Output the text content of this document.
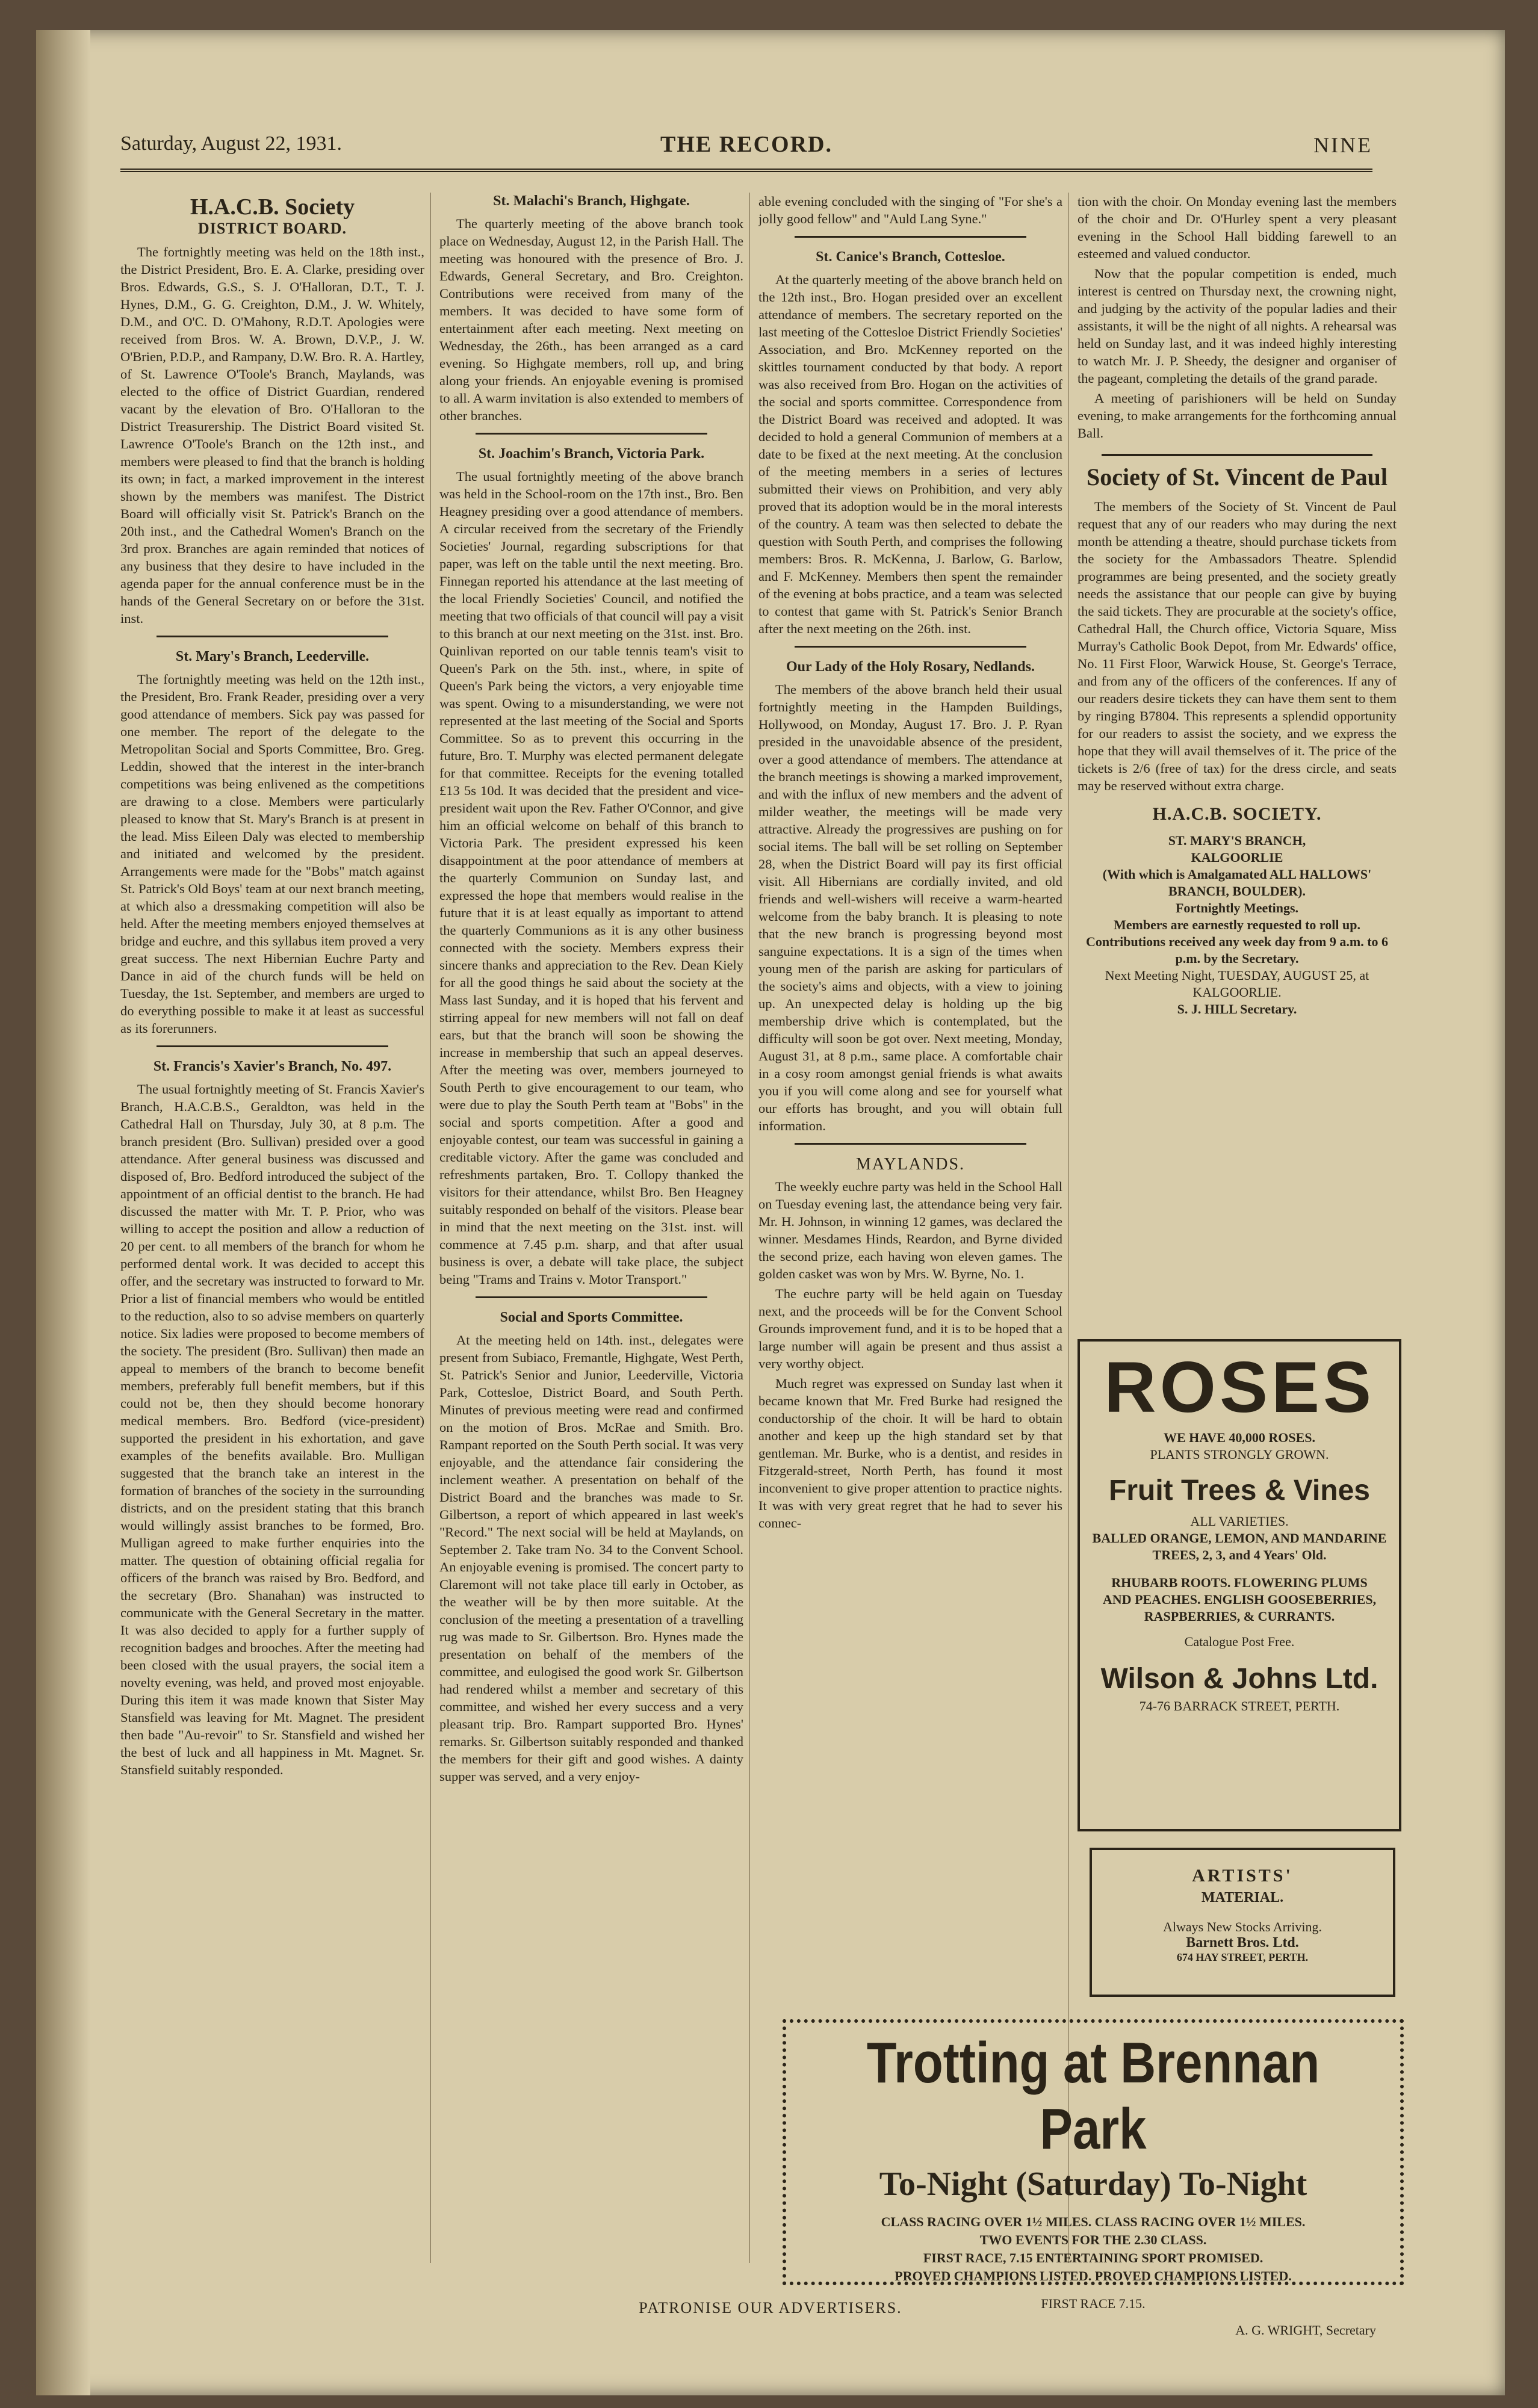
Saturday, August 22, 1931.	THE RECORD.	NINE
H.A.C.B. Society
DISTRICT BOARD.

The fortnightly meeting was held on the 18th inst., the District President, Bro. E. A. Clarke, presiding over Bros. Edwards, G.S., S. J. O'Halloran, D.T., T. J. Hynes, D.M., G. G. Creighton, D.M., J. W. Whitely, D.M., and O'C. D. O'Mahony, R.D.T. Apologies were received from Bros. W. A. Brown, D.V.P., J. W. O'Brien, P.D.P., and Rampany, D.W. Bro. R. A. Hartley, of St. Lawrence O'Toole's Branch, Maylands, was elected to the office of District Guardian, rendered vacant by the elevation of Bro. O'Halloran to the District Treasurership. The District Board visited St. Lawrence O'Toole's Branch on the 12th inst., and members were pleased to find that the branch is holding its own; in fact, a marked improvement in the interest shown by the members was manifest. The District Board will officially visit St. Patrick's Branch on the 20th inst., and the Cathedral Women's Branch on the 3rd prox. Branches are again reminded that notices of any business that they desire to have included in the agenda paper for the annual conference must be in the hands of the General Secretary on or before the 31st. inst.

St. Mary's Branch, Leederville.

The fortnightly meeting was held on the 12th inst., the President, Bro. Frank Reader, presiding over a very good attendance of members. Sick pay was passed for one member. The report of the delegate to the Metropolitan Social and Sports Committee, Bro. Greg. Leddin, showed that the interest in the inter-branch competitions was being enlivened as the competitions are drawing to a close. Members were particularly pleased to know that St. Mary's Branch is at present in the lead. Miss Eileen Daly was elected to membership and initiated and welcomed by the president. Arrangements were made for the "Bobs" match against St. Patrick's Old Boys' team at our next branch meeting, at which also a dressmaking competition will also be held. After the meeting members enjoyed themselves at bridge and euchre, and this syllabus item proved a very great success. The next Hibernian Euchre Party and Dance in aid of the church funds will be held on Tuesday, the 1st. September, and members are urged to do everything possible to make it at least as successful as its forerunners.

St. Francis's Xavier's Branch, No. 497.

The usual fortnightly meeting of St. Francis Xavier's Branch, H.A.C.B.S., Geraldton, was held in the Cathedral Hall on Thursday, July 30, at 8 p.m. The branch president (Bro. Sullivan) presided over a good attendance. After general business was discussed and disposed of, Bro. Bedford introduced the subject of the appointment of an official dentist to the branch. He had discussed the matter with Mr. T. P. Prior, who was willing to accept the position and allow a reduction of 20 per cent. to all members of the branch for whom he performed dental work. It was decided to accept this offer, and the secretary was instructed to forward to Mr. Prior a list of financial members who would be entitled to the reduction, also to so advise members on quarterly notice. Six ladies were proposed to become members of the society. The president (Bro. Sullivan) then made an appeal to members of the branch to become benefit members, preferably full benefit members, but if this could not be, then they should become honorary medical members. Bro. Bedford (vice-president) supported the president in his exhortation, and gave examples of the benefits available. Bro. Mulligan suggested that the branch take an interest in the formation of branches of the society in the surrounding districts, and on the president stating that this branch would willingly assist branches to be formed, Bro. Mulligan agreed to make further enquiries into the matter. The question of obtaining official regalia for officers of the branch was raised by Bro. Bedford, and the secretary (Bro. Shanahan) was instructed to communicate with the General Secretary in the matter. It was also decided to apply for a further supply of recognition badges and brooches. After the meeting had been closed with the usual prayers, the social item a novelty evening, was held, and proved most enjoyable. During this item it was made known that Sister May Stansfield was leaving for Mt. Magnet. The president then bade "Au-revoir" to Sr. Stansfield and wished her the best of luck and all happiness in Mt. Magnet. Sr. Stansfield suitably responded.

St. Malachi's Branch, Highgate.

The quarterly meeting of the above branch took place on Wednesday, August 12, in the Parish Hall. The meeting was honoured with the presence of Bro. J. Edwards, General Secretary, and Bro. Creighton. Contributions were received from many of the members. It was decided to have some form of entertainment after each meeting. Next meeting on Wednesday, the 26th., has been arranged as a card evening. So Highgate members, roll up, and bring along your friends. An enjoyable evening is promised to all. A warm invitation is also extended to members of other branches.

St. Joachim's Branch, Victoria Park.

The usual fortnightly meeting of the above branch was held in the School-room on the 17th inst., Bro. Ben Heagney presiding over a good attendance of members. A circular received from the secretary of the Friendly Societies' Journal, regarding subscriptions for that paper, was left on the table until the next meeting. Bro. Finnegan reported his attendance at the last meeting of the local Friendly Societies' Council, and notified the meeting that two officials of that council will pay a visit to this branch at our next meeting on the 31st. inst. Bro. Quinlivan reported on our table tennis team's visit to Queen's Park on the 5th. inst., where, in spite of Queen's Park being the victors, a very enjoyable time was spent. Owing to a misunderstanding, we were not represented at the last meeting of the Social and Sports Committee. So as to prevent this occurring in the future, Bro. T. Murphy was elected permanent delegate for that committee. Receipts for the evening totalled £13 5s 10d. It was decided that the president and vice-president wait upon the Rev. Father O'Connor, and give him an official welcome on behalf of this branch to Victoria Park. The president expressed his keen disappointment at the poor attendance of members at the quarterly Communion on Sunday last, and expressed the hope that members would realise in the future that it is at least equally as important to attend the quarterly Communions as it is any other business connected with the society. Members express their sincere thanks and appreciation to the Rev. Dean Kiely for all the good things he said about the society at the Mass last Sunday, and it is hoped that his fervent and stirring appeal for new members will not fall on deaf ears, but that the branch will soon be showing the increase in membership that such an appeal deserves. After the meeting was over, members journeyed to South Perth to give encouragement to our team, who were due to play the South Perth team at "Bobs" in the social and sports competition. After a good and enjoyable contest, our team was successful in gaining a creditable victory. After the game was concluded and refreshments partaken, Bro. T. Collopy thanked the visitors for their attendance, whilst Bro. Ben Heagney suitably responded on behalf of the visitors. Please bear in mind that the next meeting on the 31st. inst. will commence at 7.45 p.m. sharp, and that after usual business is over, a debate will take place, the subject being "Trams and Trains v. Motor Transport."

Social and Sports Committee.

At the meeting held on 14th. inst., delegates were present from Subiaco, Fremantle, Highgate, West Perth, St. Patrick's Senior and Junior, Leederville, Victoria Park, Cottesloe, District Board, and South Perth. Minutes of previous meeting were read and confirmed on the motion of Bros. McRae and Smith. Bro. Rampant reported on the South Perth social. It was very enjoyable, and the attendance fair considering the inclement weather. A presentation on behalf of the District Board and the branches was made to Sr. Gilbertson, a report of which appeared in last week's "Record." The next social will be held at Maylands, on September 2. Take tram No. 34 to the Convent School. An enjoyable evening is promised. The concert party to Claremont will not take place till early in October, as the weather will be by then more suitable. At the conclusion of the meeting a presentation of a travelling rug was made to Sr. Gilbertson. Bro. Hynes made the presentation on behalf of the members of the committee, and eulogised the good work Sr. Gilbertson had rendered whilst a member and secretary of this committee, and wished her every success and a very pleasant trip. Bro. Rampart supported Bro. Hynes' remarks. Sr. Gilbertson suitably responded and thanked the members for their gift and good wishes. A dainty supper was served, and a very enjoy-

able evening concluded with the singing of "For she's a jolly good fellow" and "Auld Lang Syne."

St. Canice's Branch, Cottesloe.

At the quarterly meeting of the above branch held on the 12th inst., Bro. Hogan presided over an excellent attendance of members. The secretary reported on the last meeting of the Cottesloe District Friendly Societies' Association, and Bro. McKenney reported on the skittles tournament conducted by that body. A report was also received from Bro. Hogan on the activities of the social and sports committee. Correspondence from the District Board was received and adopted. It was decided to hold a general Communion of members at a date to be fixed at the next meeting. At the conclusion of the meeting members in a series of lectures submitted their views on Prohibition, and very ably proved that its adoption would be in the moral interests of the country. A team was then selected to debate the question with South Perth, and comprises the following members: Bros. R. McKenna, J. Barlow, G. Barlow, and F. McKenney. Members then spent the remainder of the evening at bobs practice, and a team was selected to contest that game with St. Patrick's Senior Branch after the next meeting on the 26th. inst.

Our Lady of the Holy Rosary, Nedlands.

The members of the above branch held their usual fortnightly meeting in the Hampden Buildings, Hollywood, on Monday, August 17. Bro. J. P. Ryan presided in the unavoidable absence of the president, over a good attendance of members. The attendance at the branch meetings is showing a marked improvement, and with the influx of new members and the advent of milder weather, the meetings will be made very attractive. Already the progressives are pushing on for social items. The ball will be set rolling on September 28, when the District Board will pay its first official visit. All Hibernians are cordially invited, and old friends and well-wishers will receive a warm-hearted welcome from the baby branch. It is pleasing to note that the new branch is progressing beyond most sanguine expectations. It is a sign of the times when young men of the parish are asking for particulars of the society's aims and objects, with a view to joining up. An unexpected delay is holding up the big membership drive which is contemplated, but the difficulty will soon be got over. Next meeting, Monday, August 31, at 8 p.m., same place. A comfortable chair in a cosy room amongst genial friends is what awaits you if you will come along and see for yourself what our efforts has brought, and you will obtain full information.

MAYLANDS.

The weekly euchre party was held in the School Hall on Tuesday evening last, the attendance being very fair. Mr. H. Johnson, in winning 12 games, was declared the winner. Mesdames Hinds, Reardon, and Byrne divided the second prize, each having won eleven games. The golden casket was won by Mrs. W. Byrne, No. 1.

The euchre party will be held again on Tuesday next, and the proceeds will be for the Convent School Grounds improvement fund, and it is to be hoped that a large number will again be present and thus assist a very worthy object.

Much regret was expressed on Sunday last when it became known that Mr. Fred Burke had resigned the conductorship of the choir. It will be hard to obtain another and keep up the high standard set by that gentleman. Mr. Burke, who is a dentist, and resides in Fitzgerald-street, North Perth, has found it most inconvenient to give proper attention to practice nights. It was with very great regret that he had to sever his connec-

tion with the choir. On Monday evening last the members of the choir and Dr. O'Hurley spent a very pleasant evening in the School Hall bidding farewell to an esteemed and valued conductor.

Now that the popular competition is ended, much interest is centred on Thursday next, the crowning night, and judging by the activity of the popular ladies and their assistants, it will be the night of all nights. A rehearsal was held on Sunday last, and it was indeed highly interesting to watch Mr. J. P. Sheedy, the designer and organiser of the pageant, completing the details of the grand parade.

A meeting of parishioners will be held on Sunday evening, to make arrangements for the forthcoming annual Ball.

Society of St. Vincent de Paul

The members of the Society of St. Vincent de Paul request that any of our readers who may during the next month be attending a theatre, should purchase tickets from the society for the Ambassadors Theatre. Splendid programmes are being presented, and the society greatly needs the assistance that our people can give by buying the said tickets. They are procurable at the society's office, Cathedral Hall, the Church office, Victoria Square, Miss Murray's Catholic Book Depot, from Mr. Edwards' office, No. 11 First Floor, Warwick House, St. George's Terrace, and from any of the officers of the conferences. If any of our readers desire tickets they can have them sent to them by ringing B7804. This represents a splendid opportunity for our readers to assist the society, and we express the hope that they will avail themselves of it. The price of the tickets is 2/6 (free of tax) for the dress circle, and seats may be reserved without extra charge.

H.A.C.B. SOCIETY.
ST. MARY'S BRANCH,
KALGOORLIE
(With which is Amalgamated ALL HALLOWS' BRANCH, BOULDER).
Fortnightly Meetings.
Members are earnestly requested to roll up.
Contributions received any week day from 9 a.m. to 6 p.m. by the Secretary.
Next Meeting Night, TUESDAY, AUGUST 25, at KALGOORLIE.
S. J. HILL Secretary.
ROSES
WE HAVE 40,000 ROSES.
PLANTS STRONGLY GROWN.
Fruit Trees & Vines
ALL VARIETIES.
BALLED ORANGE, LEMON, AND MANDARINE TREES, 2, 3, and 4 Years' Old.
RHUBARB ROOTS. FLOWERING PLUMS AND PEACHES. ENGLISH GOOSEBERRIES, RASPBERRIES, & CURRANTS.
Catalogue Post Free.
Wilson & Johns Ltd.
74-76 BARRACK STREET, PERTH.
ARTISTS'
MATERIAL.
Always New Stocks Arriving.
Barnett Bros. Ltd.
674 HAY STREET, PERTH.
Trotting at Brennan Park
To-Night (Saturday) To-Night
CLASS RACING OVER 1½ MILES. CLASS RACING OVER 1½ MILES.
TWO EVENTS FOR THE 2.30 CLASS.
FIRST RACE, 7.15 ENTERTAINING SPORT PROMISED.
PROVED CHAMPIONS LISTED. PROVED CHAMPIONS LISTED.
FIRST RACE 7.15.
A. G. WRIGHT, Secretary
PATRONISE OUR ADVERTISERS.
